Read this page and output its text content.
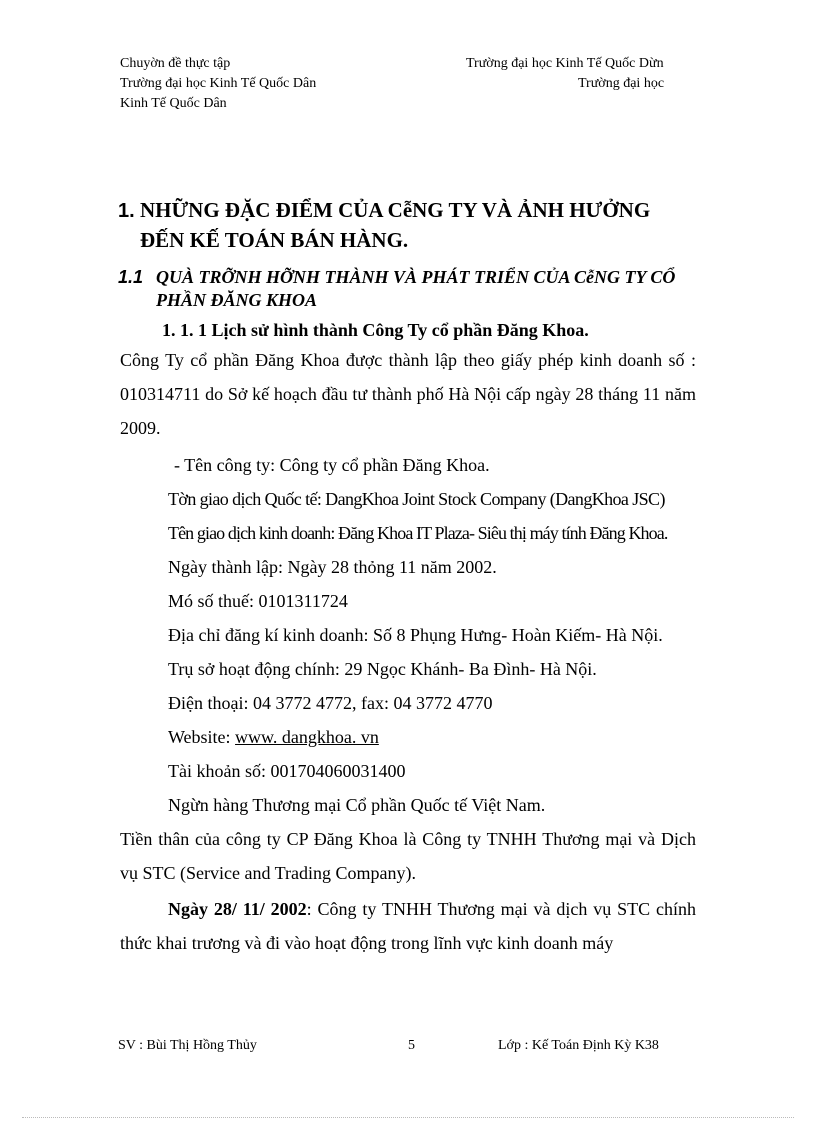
Chuyờn đề thực tập	Trường đại học Kinh Tế Quốc Dừn
Trường đại học Kinh Tế Quốc Dân	Trường đại học
Kinh Tế Quốc Dân
1. NHỮNG ĐẶC ĐIỂM CỦA CễNG TY VÀ ẢNH HƯỞNG
ĐẾN KẾ TOÁN BÁN HÀNG.
1.1 QUÀ TRỠNH HỠNH THÀNH VÀ PHÁT TRIỂN CỦA CễNG TY CỔ
PHẦN ĐĂNG KHOA
1. 1. 1 Lịch sử hình thành Công Ty cổ phần Đăng Khoa.
Công Ty cổ phần Đăng Khoa được thành lập theo giấy phép kinh doanh số : 010314711 do Sở kế hoạch đầu tư thành phố Hà Nội cấp ngày 28 tháng 11 năm 2009.
- Tên công ty: Công ty cổ phần Đăng Khoa.
Tờn giao dịch Quốc tế: DangKhoa Joint Stock Company (DangKhoa JSC)
Tên giao dịch kinh doanh: Đăng Khoa IT Plaza- Siêu thị máy tính Đăng Khoa.
Ngày thành lập: Ngày 28 thỏng 11 năm 2002.
Mó số thuế: 0101311724
Địa chỉ đăng kí kinh doanh: Số 8 Phụng Hưng- Hoàn Kiếm- Hà Nội.
Trụ sở hoạt động chính: 29 Ngọc Khánh- Ba Đình- Hà Nội.
Điện thoại: 04 3772 4772, fax: 04 3772 4770
Website: www. dangkhoa. vn
Tài khoản số: 001704060031400
Ngừn hàng Thương mại Cổ phần Quốc tế Việt Nam.
Tiền thân của công ty CP Đăng Khoa là Công ty TNHH Thương mại và Dịch vụ STC (Service and Trading Company).
Ngày 28/ 11/ 2002: Công ty TNHH Thương mại và dịch vụ STC chính thức khai trương và đi vào hoạt động trong lĩnh vực kinh doanh máy
SV : Bùi Thị Hồng Thủy	5	Lớp : Kế Toán Định Kỳ K38
